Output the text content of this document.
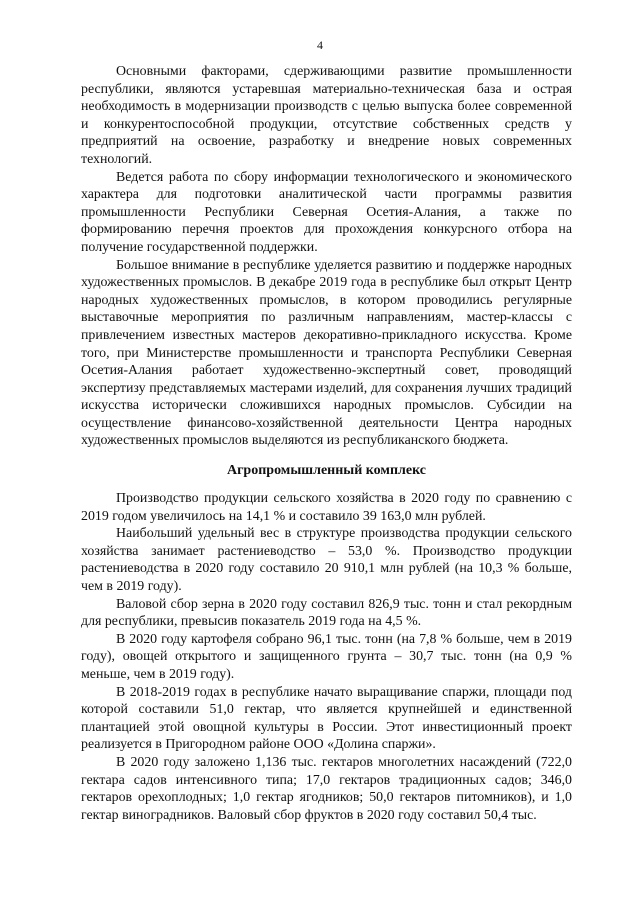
4

Основными факторами, сдерживающими развитие промышленности республики, являются устаревшая материально-техническая база и острая необходимость в модернизации производств с целью выпуска более современной и конкурентоспособной продукции, отсутствие собственных средств у предприятий на освоение, разработку и внедрение новых современных технологий.

Ведется работа по сбору информации технологического и экономического характера для подготовки аналитической части программы развития промышленности Республики Северная Осетия-Алания, а также по формированию перечня проектов для прохождения конкурсного отбора на получение государственной поддержки.

Большое внимание в республике уделяется развитию и поддержке народных художественных промыслов. В декабре 2019 года в республике был открыт Центр народных художественных промыслов, в котором проводились регулярные выставочные мероприятия по различным направлениям, мастер-классы с привлечением известных мастеров декоративно-прикладного искусства. Кроме того, при Министерстве промышленности и транспорта Республики Северная Осетия-Алания работает художественно-экспертный совет, проводящий экспертизу представляемых мастерами изделий, для сохранения лучших традиций искусства исторически сложившихся народных промыслов. Субсидии на осуществление финансово-хозяйственной деятельности Центра народных художественных промыслов выделяются из республиканского бюджета.

Агропромышленный комплекс

Производство продукции сельского хозяйства в 2020 году по сравнению с 2019 годом увеличилось на 14,1 % и составило 39 163,0 млн рублей.

Наибольший удельный вес в структуре производства продукции сельского хозяйства занимает растениеводство – 53,0 %. Производство продукции растениеводства в 2020 году составило 20 910,1 млн рублей (на 10,3 % больше, чем в 2019 году).

Валовой сбор зерна в 2020 году составил 826,9 тыс. тонн и стал рекордным для республики, превысив показатель 2019 года на 4,5 %.

В 2020 году картофеля собрано 96,1 тыс. тонн (на 7,8 % больше, чем в 2019 году), овощей открытого и защищенного грунта – 30,7 тыс. тонн (на 0,9 % меньше, чем в 2019 году).

В 2018-2019 годах в республике начато выращивание спаржи, площади под которой составили 51,0 гектар, что является крупнейшей и единственной плантацией этой овощной культуры в России. Этот инвестиционный проект реализуется в Пригородном районе ООО «Долина спаржи».

В 2020 году заложено 1,136 тыс. гектаров многолетних насаждений (722,0 гектара садов интенсивного типа; 17,0 гектаров традиционных садов; 346,0 гектаров орехоплодных; 1,0 гектар ягодников; 50,0 гектаров питомников), и 1,0 гектар виноградников. Валовый сбор фруктов в 2020 году составил 50,4 тыс.
